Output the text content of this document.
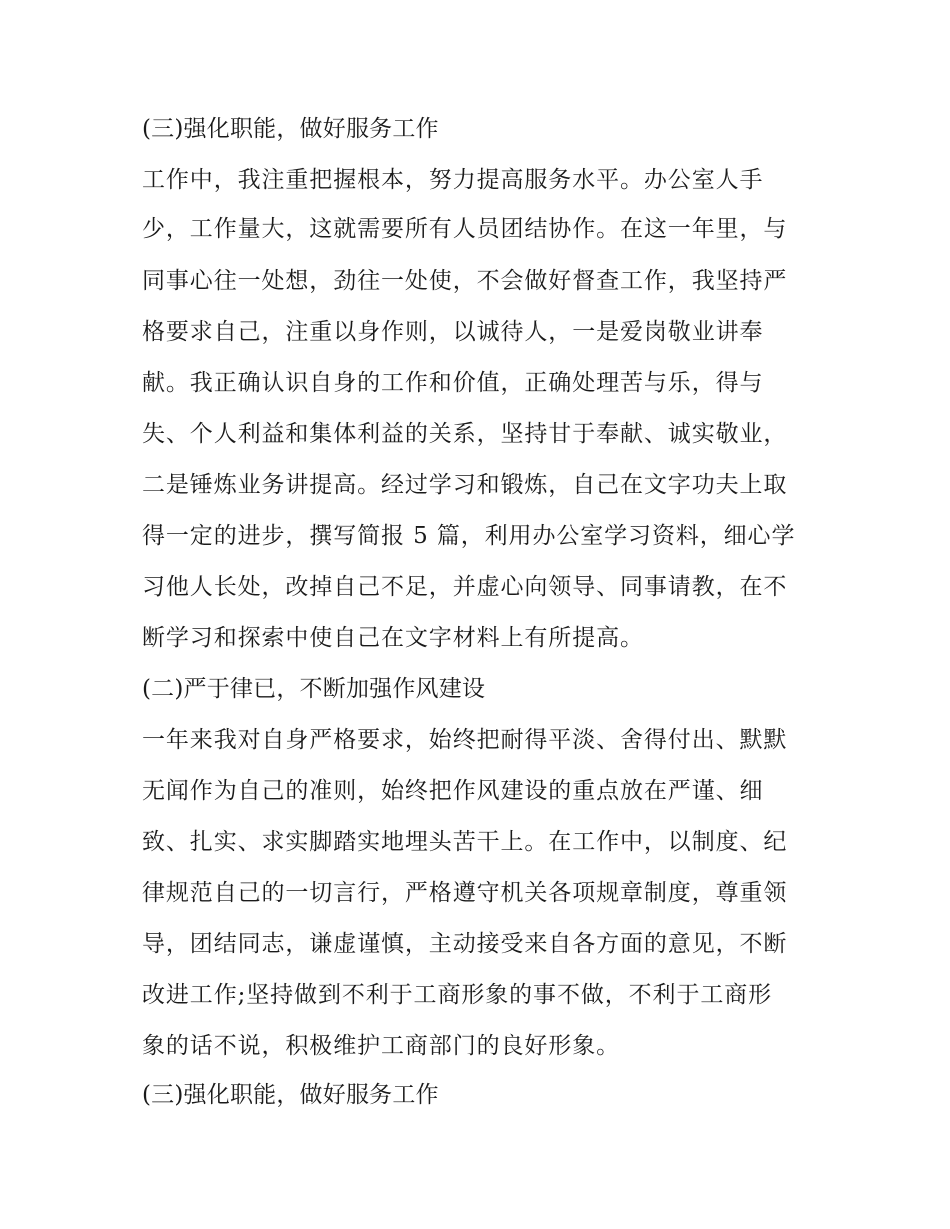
(三)强化职能，做好服务工作

工作中，我注重把握根本，努力提高服务水平。办公室人手

少，工作量大，这就需要所有人员团结协作。在这一年里，与

同事心往一处想，劲往一处使，不会做好督查工作，我坚持严

格要求自己，注重以身作则，以诚待人，一是爱岗敬业讲奉

献。我正确认识自身的工作和价值，正确处理苦与乐，得与

失、个人利益和集体利益的关系，坚持甘于奉献、诚实敬业，

二是锤炼业务讲提高。经过学习和锻炼，自己在文字功夫上取

得一定的进步，撰写简报 5 篇，利用办公室学习资料，细心学

习他人长处，改掉自己不足，并虚心向领导、同事请教，在不

断学习和探索中使自己在文字材料上有所提高。

(二)严于律已，不断加强作风建设

一年来我对自身严格要求，始终把耐得平淡、舍得付出、默默

无闻作为自己的准则，始终把作风建设的重点放在严谨、细

致、扎实、求实脚踏实地埋头苦干上。在工作中，以制度、纪

律规范自己的一切言行，严格遵守机关各项规章制度，尊重领

导，团结同志，谦虚谨慎，主动接受来自各方面的意见，不断

改进工作;坚持做到不利于工商形象的事不做，不利于工商形

象的话不说，积极维护工商部门的良好形象。

(三)强化职能，做好服务工作
